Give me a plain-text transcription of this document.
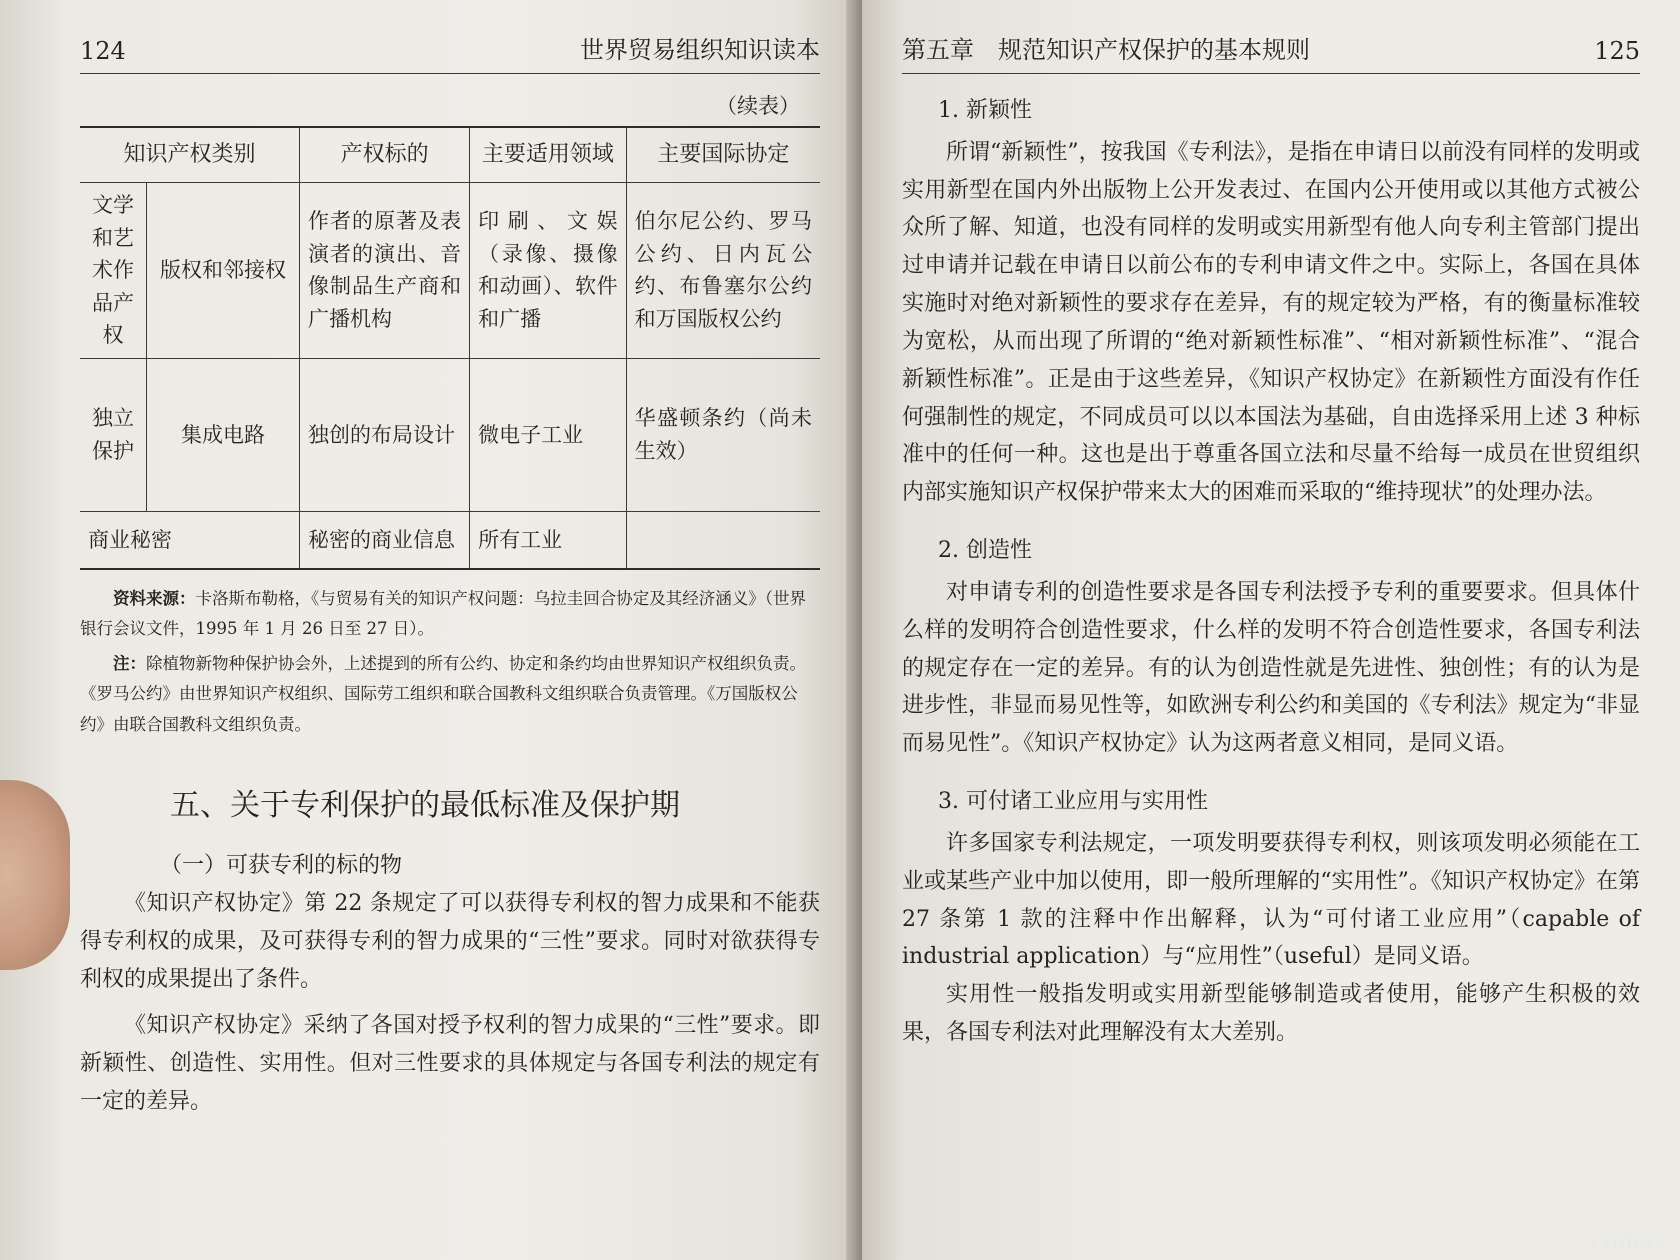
124	世界贸易组织知识读本
（续表）
知识产权类别		产权标的	主要适用领域	主要国际协定
文学和艺术作品产权	版权和邻接权	作者的原著及表演者的演出、音像制品生产商和广播机构	印刷、文娱（录像、摄像和动画）、软件和广播	伯尔尼公约、罗马公约、日内瓦公约、布鲁塞尔公约和万国版权公约
独立保护	集成电路	独创的布局设计	微电子工业	华盛顿条约（尚未生效）
商业秘密		秘密的商业信息	所有工业	
资料来源：卡洛斯布勒格，《与贸易有关的知识产权问题：乌拉圭回合协定及其经济涵义》（世界银行会议文件，1995 年 1 月 26 日至 27 日）。
注：除植物新物种保护协会外，上述提到的所有公约、协定和条约均由世界知识产权组织负责。《罗马公约》由世界知识产权组织、国际劳工组织和联合国教科文组织联合负责管理。《万国版权公约》由联合国教科文组织负责。
五、关于专利保护的最低标准及保护期
（一）可获专利的标的物

《知识产权协定》第 22 条规定了可以获得专利权的智力成果和不能获得专利权的成果，及可获得专利的智力成果的“三性”要求。同时对欲获得专利权的成果提出了条件。

《知识产权协定》采纳了各国对授予权利的智力成果的“三性”要求。即新颖性、创造性、实用性。但对三性要求的具体规定与各国专利法的规定有一定的差异。

第五章　规范知识产权保护的基本规则	125
1. 新颖性

所谓“新颖性”，按我国《专利法》，是指在申请日以前没有同样的发明或实用新型在国内外出版物上公开发表过、在国内公开使用或以其他方式被公众所了解、知道，也没有同样的发明或实用新型有他人向专利主管部门提出过申请并记载在申请日以前公布的专利申请文件之中。实际上，各国在具体实施时对绝对新颖性的要求存在差异，有的规定较为严格，有的衡量标准较为宽松，从而出现了所谓的“绝对新颖性标准”、“相对新颖性标准”、“混合新颖性标准”。正是由于这些差异，《知识产权协定》在新颖性方面没有作任何强制性的规定，不同成员可以以本国法为基础，自由选择采用上述 3 种标准中的任何一种。这也是出于尊重各国立法和尽量不给每一成员在世贸组织内部实施知识产权保护带来太大的困难而采取的“维持现状”的处理办法。

2. 创造性

对申请专利的创造性要求是各国专利法授予专利的重要要求。但具体什么样的发明符合创造性要求，什么样的发明不符合创造性要求，各国专利法的规定存在一定的差异。有的认为创造性就是先进性、独创性；有的认为是进步性，非显而易见性等，如欧洲专利公约和美国的《专利法》规定为“非显而易见性”。《知识产权协定》认为这两者意义相同，是同义语。

3. 可付诸工业应用与实用性

许多国家专利法规定，一项发明要获得专利权，则该项发明必须能在工业或某些产业中加以使用，即一般所理解的“实用性”。《知识产权协定》在第 27 条第 1 款的注释中作出解释，认为“可付诸工业应用”（capable of industrial application）与“应用性”（useful）是同义语。

实用性一般指发明或实用新型能够制造或者使用，能够产生积极的效果，各国专利法对此理解没有太大差别。

cruboy
